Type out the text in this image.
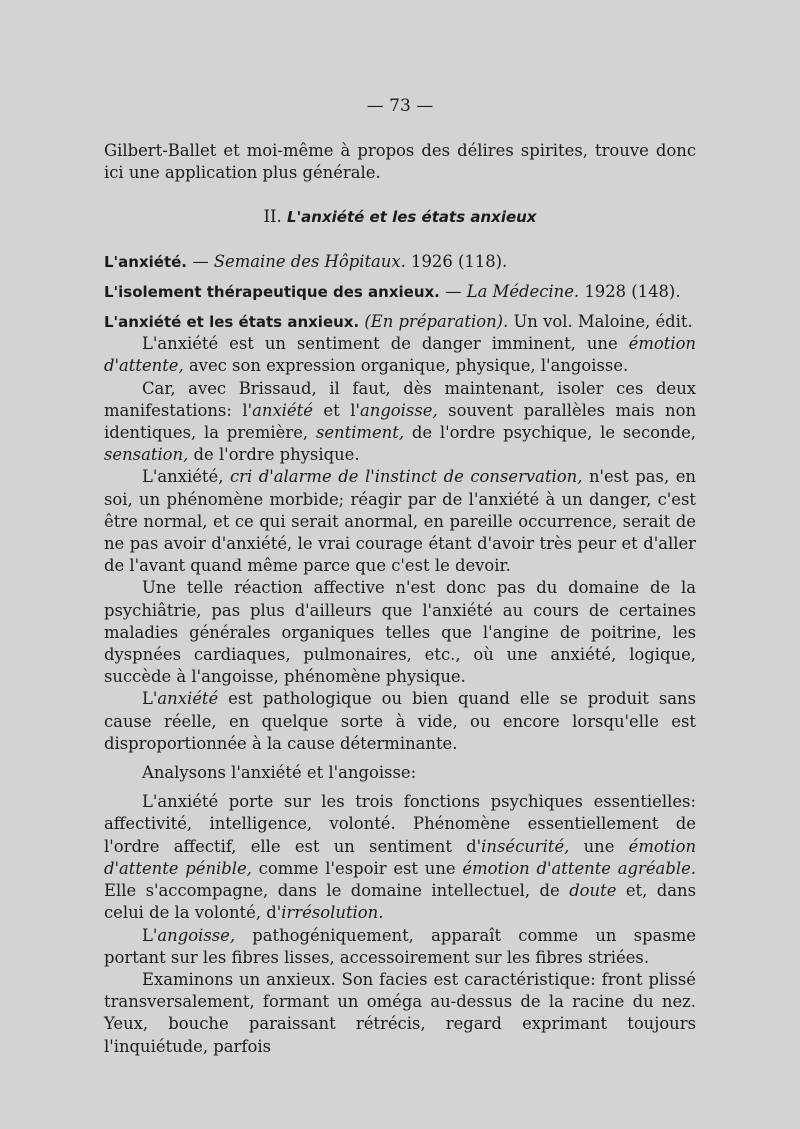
— 73 —

Gilbert-Ballet et moi-même à propos des délires spirites, trouve donc ici une application plus générale.

II. L'anxiété et les états anxieux

L'anxiété. — Semaine des Hôpitaux. 1926 (118).

L'isolement thérapeutique des anxieux. — La Médecine. 1928 (148).

L'anxiété et les états anxieux. (En préparation). Un vol. Maloine, édit.

L'anxiété est un sentiment de danger imminent, une émotion d'attente, avec son expression organique, physique, l'angoisse.

Car, avec Brissaud, il faut, dès maintenant, isoler ces deux manifestations: l'anxiété et l'angoisse, souvent parallèles mais non identiques, la première, sentiment, de l'ordre psychique, le seconde, sensation, de l'ordre physique.

L'anxiété, cri d'alarme de l'instinct de conservation, n'est pas, en soi, un phénomène morbide; réagir par de l'anxiété à un danger, c'est être normal, et ce qui serait anormal, en pareille occurrence, serait de ne pas avoir d'anxiété, le vrai courage étant d'avoir très peur et d'aller de l'avant quand même parce que c'est le devoir.

Une telle réaction affective n'est donc pas du domaine de la psychiâtrie, pas plus d'ailleurs que l'anxiété au cours de certaines maladies générales organiques telles que l'angine de poitrine, les dyspnées cardiaques, pulmonaires, etc., où une anxiété, logique, succède à l'angoisse, phénomène physique.

L'anxiété est pathologique ou bien quand elle se produit sans cause réelle, en quelque sorte à vide, ou encore lorsqu'elle est disproportionnée à la cause déterminante.

Analysons l'anxiété et l'angoisse:

L'anxiété porte sur les trois fonctions psychiques essentielles: affectivité, intelligence, volonté. Phénomène essentiellement de l'ordre affectif, elle est un sentiment d'insécurité, une émotion d'attente pénible, comme l'espoir est une émotion d'attente agréable. Elle s'accompagne, dans le domaine intellectuel, de doute et, dans celui de la volonté, d'irrésolution.

L'angoisse, pathogéniquement, apparaît comme un spasme portant sur les fibres lisses, accessoirement sur les fibres striées.

Examinons un anxieux. Son facies est caractéristique: front plissé transversalement, formant un oméga au-dessus de la racine du nez. Yeux, bouche paraissant rétrécis, regard exprimant toujours l'inquiétude, parfois
